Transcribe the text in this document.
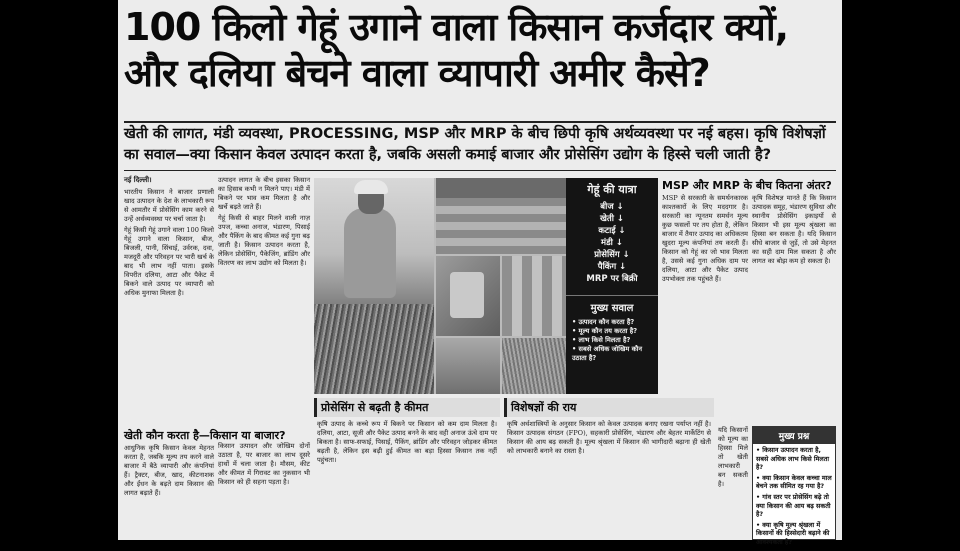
100 किलो गेहूं उगाने वाला किसान कर्जदार क्यों,
और दलिया बेचने वाला व्यापारी अमीर कैसे?
खेती की लागत, मंडी व्यवस्था, PROCESSING, MSP और MRP के बीच छिपी कृषि अर्थव्यवस्था पर नई बहस। कृषि विशेषज्ञों का सवाल—क्या किसान केवल उत्पादन करता है, जबकि असली कमाई बाजार और प्रोसेसिंग उद्योग के हिस्से चली जाती है?
नई दिल्ली।

भारतीय किसान ने बाजार प्रणाली खाद उत्पादन के देश के लाभकारी रूप से आमतौर में प्रोसेसिंग काम करने से उन्हें अर्थव्यवस्था पर चर्चा जाता है।

गेहूं किसी गेहूं उगाने वाला 100 किलो गेहूं उगाने वाला किसान, बीज, बिजली, पानी, सिंचाई, उर्वरक, दवा, मजदूरी और परिवहन पर भारी खर्च के बाद भी लाभ नहीं पाता। इसके विपरीत दलिया, आटा और पैकेट में बिकने वाले उत्पाद पर व्यापारी को अधिक मुनाफा मिलता है।

उत्पादन लागत के बीच इसका किसान का हिसाब कभी न मिलने पाए। मंडी में बिकने पर भाव कम मिलता है और खर्चे बढ़ते जाते हैं।

गेहूं किसी से बाहर मिलने वाली नाज़ उपज, कच्चा अनाज, भंडारण, पिसाई और पैकिंग के बाद कीमत कई गुना बढ़ जाती है। किसान उत्पादन करता है, लेकिन प्रोसेसिंग, पैकेजिंग, ब्रांडिंग और वितरण का लाभ उद्योग को मिलता है।

गेहूं की यात्रा
बीज ↓
खेती ↓
कटाई ↓
मंडी ↓
प्रोसेसिंग ↓
पैकिंग ↓
MRP पर बिक्री
मुख्य सवाल
• उत्पादन कौन करता है?
• मूल्य कौन तय करता है?
• लाभ किसे मिलता है?
• सबसे अधिक जोखिम कौन उठाता है?
MSP और MRP के बीच कितना अंतर?

MSP से सरकारी के समर्थनकारक काश्तकारों के लिए मददगार है। सरकारी का न्यूनतम समर्थन मूल्य कुछ फसलों पर तय होता है, लेकिन बाजार में तैयार उत्पाद का अधिकतम खुदरा मूल्य कंपनियां तय करती हैं। किसान को गेहूं का जो भाव मिलता है, उससे कई गुना अधिक दाम पर दलिया, आटा और पैकेट उत्पाद उपभोक्ता तक पहुंचते हैं।

कृषि विशेषज्ञ मानते हैं कि किसान उत्पादक समूह, भंडारण सुविधा और स्थानीय प्रोसेसिंग इकाइयों से किसान भी इस मूल्य श्रृंखला का हिस्सा बन सकता है। यदि किसान सीधे बाजार से जुड़ें, तो उसे मेहनत का सही दाम मिल सकता है और लागत का बोझ कम हो सकता है।

प्रोसेसिंग से बढ़ती है कीमत
कृषि उत्पाद के कच्चे रूप में बिकने पर किसान को कम दाम मिलता है। दलिया, आटा, सूजी और पैकेट उत्पाद बनने के बाद वही अनाज ऊंचे दाम पर बिकता है। साफ-सफाई, पिसाई, पैकिंग, ब्रांडिंग और परिवहन जोड़कर कीमत बढ़ती है, लेकिन इस बढ़ी हुई कीमत का बड़ा हिस्सा किसान तक नहीं पहुंचता।
विशेषज्ञों की राय
कृषि अर्थशास्त्रियों के अनुसार किसान को केवल उत्पादक बनाए रखना पर्याप्त नहीं है। किसान उत्पादक संगठन (FPO), सहकारी प्रोसेसिंग, भंडारण और बेहतर मार्केटिंग से किसान की आय बढ़ सकती है। मूल्य श्रृंखला में किसान की भागीदारी बढ़ाना ही खेती को लाभकारी बनाने का रास्ता है।
खेती कौन करता है—किसान या बाजार?

आधुनिक कृषि किसान केवल मेहनत करता है, जबकि मूल्य तय करने वाले बाजार में बैठे व्यापारी और कंपनियां हैं। ट्रैक्टर, बीज, खाद, कीटनाशक और ईंधन के बढ़ते दाम किसान की लागत बढ़ाते हैं।

किसान उत्पादन और जोखिम दोनों उठाता है, पर बाजार का लाभ दूसरे हाथों में चला जाता है। मौसम, कीट और कीमत में गिरावट का नुकसान भी किसान को ही सहना पड़ता है।

यदि किसानों को मूल्य का हिस्सा मिले तो खेती लाभकारी बन सकती है।

मुख्य प्रश्न
• किसान उत्पादन करता है, सबसे अधिक लाभ किसे मिलता है?
• क्या किसान केवल कच्चा माल बेचने तक सीमित रह गया है?
• गांव स्तर पर प्रोसेसिंग बढ़े तो क्या किसान की आय बढ़ सकती है?
• क्या कृषि मूल्य श्रृंखला में किसानों की हिस्सेदारी बढ़ाने की आवश्यकता है?
